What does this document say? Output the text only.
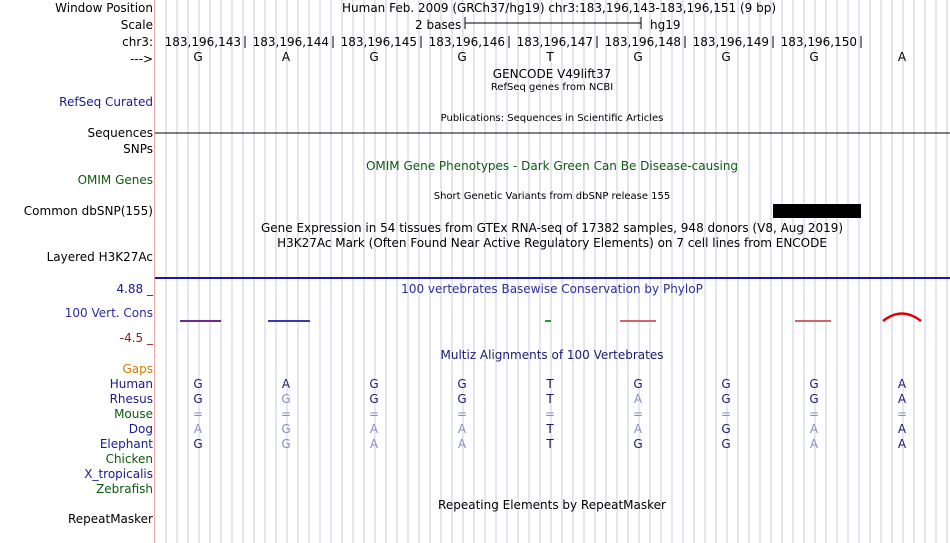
Window Position
Scale
chr3:
--->
RefSeq Curated
Sequences
SNPs
OMIM Genes
Common dbSNP(155)
Layered H3K27Ac
4.88 _
100 Vert. Cons
-4.5 _
Gaps
RepeatMasker
Human Feb. 2009 (GRCh37/hg19) chr3:183,196,143-183,196,151 (9 bp)
2 bases	hg19
GENCODE V49lift37
RefSeq genes from NCBI
Publications: Sequences in Scientific Articles
OMIM Gene Phenotypes - Dark Green Can Be Disease-causing
Short Genetic Variants from dbSNP release 155
Gene Expression in 54 tissues from GTEx RNA-seq of 17382 samples, 948 donors (V8, Aug 2019)
H3K27Ac Mark (Often Found Near Active Regulatory Elements) on 7 cell lines from ENCODE
100 vertebrates Basewise Conservation by PhyloP
Multiz Alignments of 100 Vertebrates
Repeating Elements by RepeatMasker
183,196,143 183,196,144 183,196,145 183,196,146 183,196,147 183,196,148 183,196,149 183,196,150
G	A	G	G	T	G	G	G	A
Human	G	A	G	G	T	G	G	G	A
Rhesus	G	G	G	G	T	A	G	G	A
Mouse	=	=	=	=	=	=	=	=	=
Dog	A	G	A	A	T	A	G	A	A
Elephant	G	G	A	A	T	G	G	A	A
Chicken
X_tropicalis
Zebrafish
